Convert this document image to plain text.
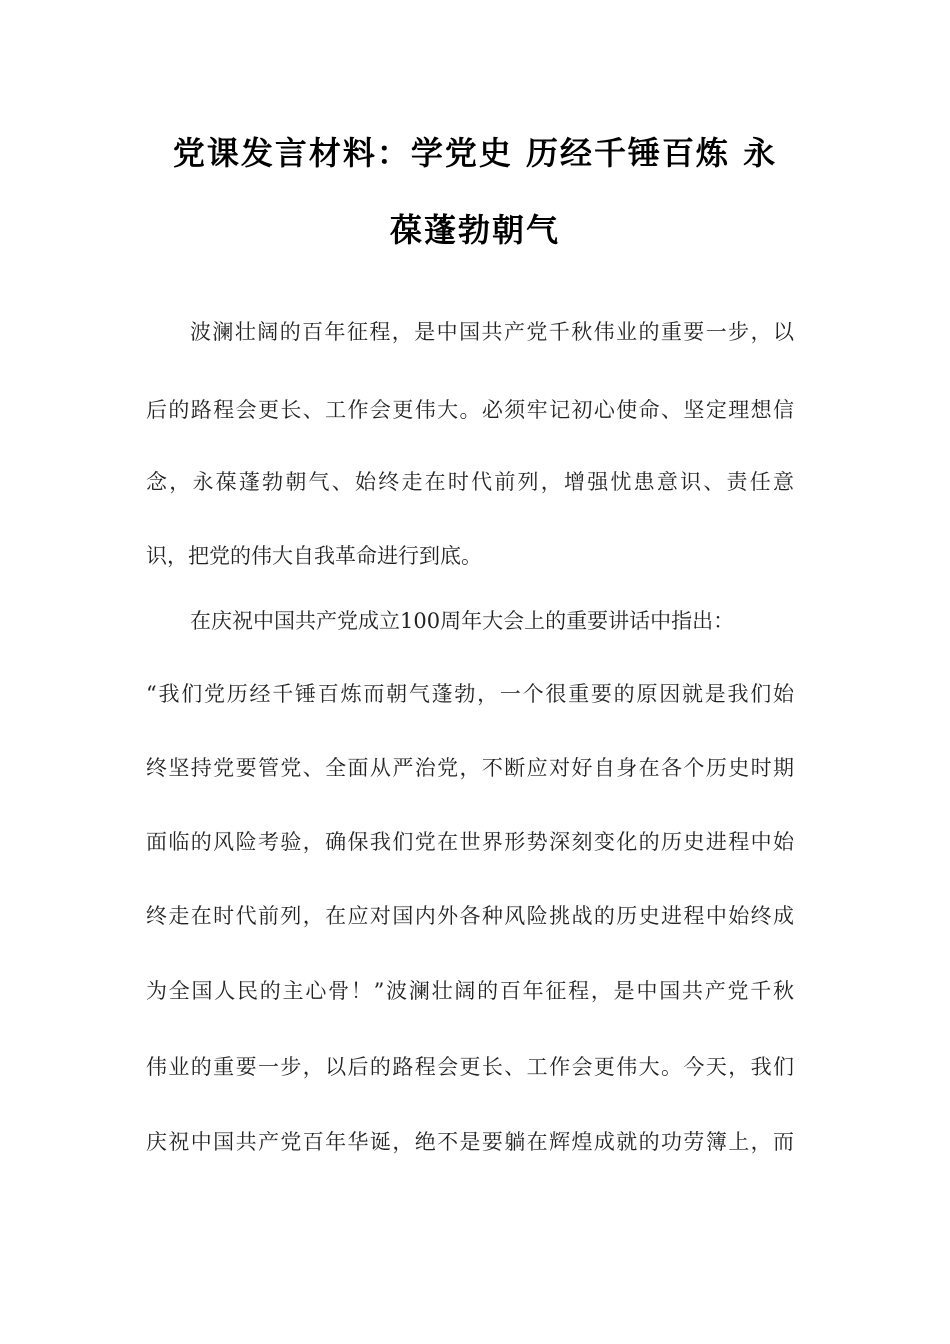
党课发言材料：学党史 历经千锤百炼 永
葆蓬勃朝气
波澜壮阔的百年征程，是中国共产党千秋伟业的重要一步，以
后的路程会更长、工作会更伟大。必须牢记初心使命、坚定理想信
念，永葆蓬勃朝气、始终走在时代前列，增强忧患意识、责任意
识，把党的伟大自我革命进行到底。
在庆祝中国共产党成立100周年大会上的重要讲话中指出：
“我们党历经千锤百炼而朝气蓬勃，一个很重要的原因就是我们始
终坚持党要管党、全面从严治党，不断应对好自身在各个历史时期
面临的风险考验，确保我们党在世界形势深刻变化的历史进程中始
终走在时代前列，在应对国内外各种风险挑战的历史进程中始终成
为全国人民的主心骨！”波澜壮阔的百年征程，是中国共产党千秋
伟业的重要一步，以后的路程会更长、工作会更伟大。今天，我们
庆祝中国共产党百年华诞，绝不是要躺在辉煌成就的功劳簿上，而
